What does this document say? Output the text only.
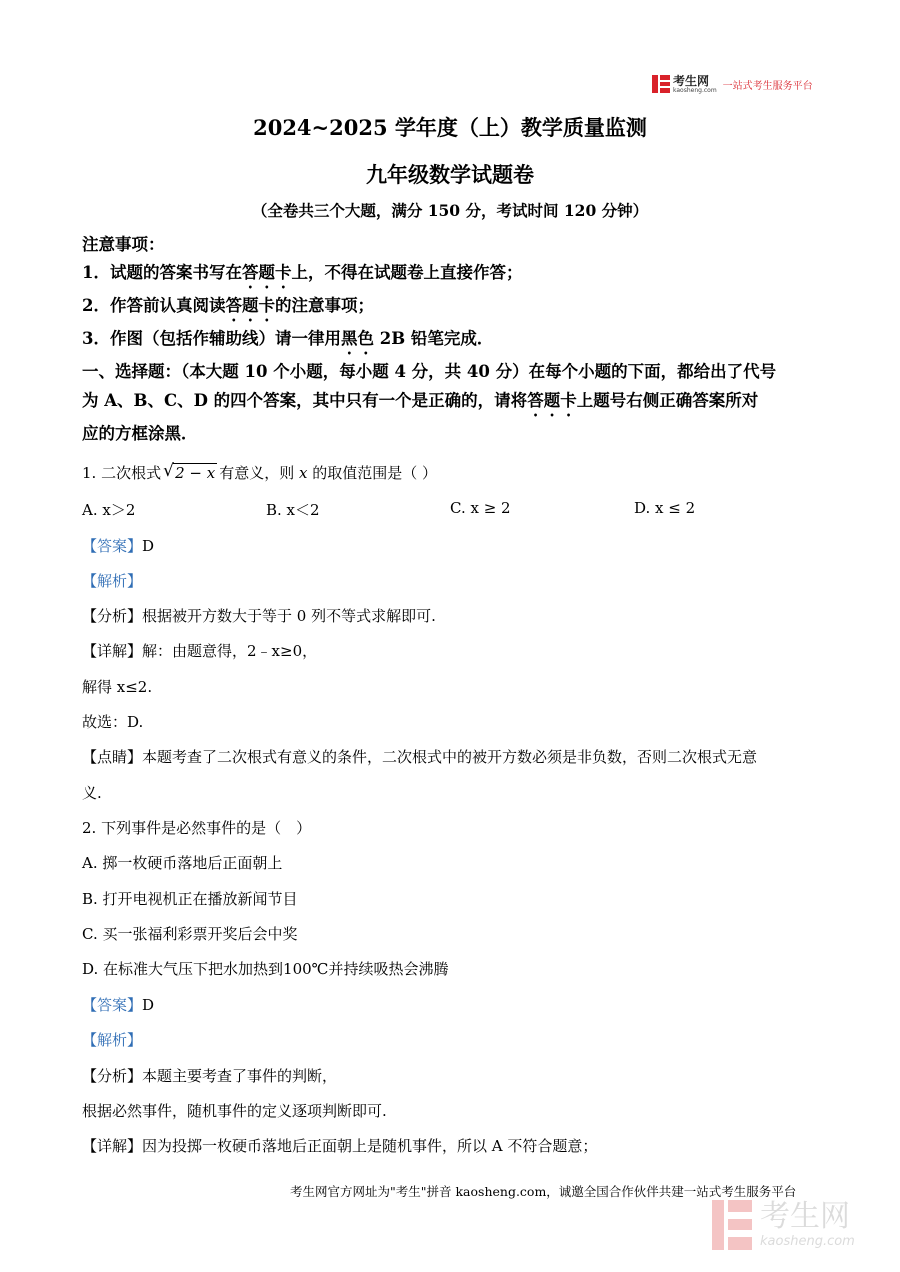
考生网
kaosheng.com 一站式考生服务平台
2024~2025 学年度（上）教学质量监测
九年级数学试题卷
（全卷共三个大题，满分 150 分，考试时间 120 分钟）
注意事项：
1．试题的答案书写在答题卡上，不得在试题卷上直接作答；
2．作答前认真阅读答题卡的注意事项；
3．作图（包括作辅助线）请一律用黑色 2B 铅笔完成．
一、选择题：（本大题 10 个小题，每小题 4 分，共 40 分）在每个小题的下面，都给出了代号
为 A、B、C、D 的四个答案，其中只有一个是正确的，请将答题卡上题号右侧正确答案所对
应的方框涂黑．
1. 二次根式 √ 2 − x 有意义，则 x 的取值范围是（ ）
A. x＞2	B. x＜2	C. x ≥ 2	D. x ≤ 2
【答案】D
【解析】
【分析】根据被开方数大于等于 0 列不等式求解即可.
【详解】解：由题意得，2﹣x≥0，
解得 x≤2.
故选：D.
【点睛】本题考查了二次根式有意义的条件，二次根式中的被开方数必须是非负数，否则二次根式无意
义.
2. 下列事件是必然事件的是（　）
A. 掷一枚硬币落地后正面朝上
B. 打开电视机正在播放新闻节目
C. 买一张福利彩票开奖后会中奖
D. 在标准大气压下把水加热到100℃并持续吸热会沸腾
【答案】D
【解析】
【分析】本题主要考查了事件的判断，
根据必然事件，随机事件的定义逐项判断即可.
【详解】因为投掷一枚硬币落地后正面朝上是随机事件，所以 A 不符合题意；
考生网官方网址为"考生"拼音 kaosheng.com，诚邀全国合作伙伴共建一站式考生服务平台
考生网
kaosheng.com
